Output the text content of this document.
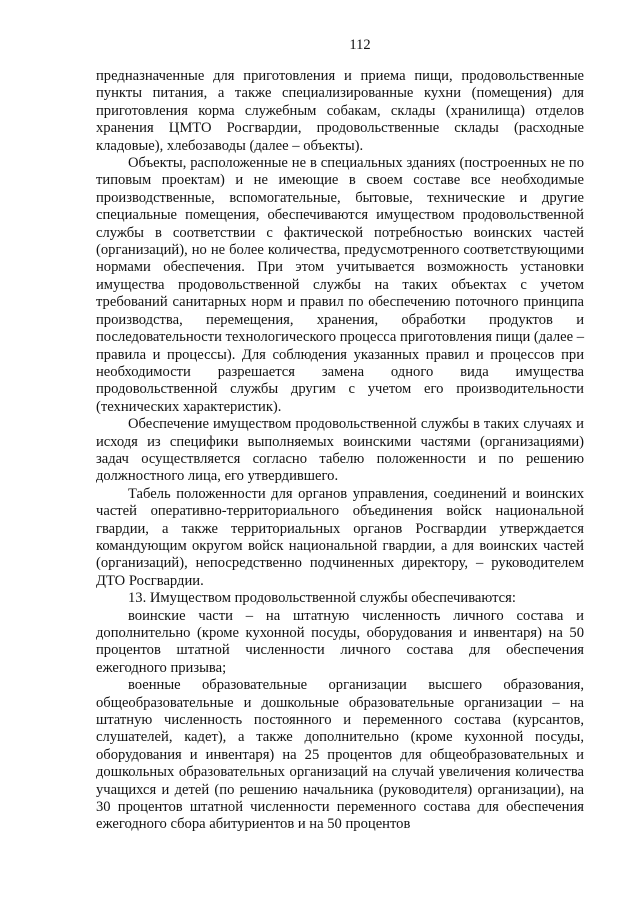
112

предназначенные для приготовления и приема пищи, продовольственные пункты питания, а также специализированные кухни (помещения) для приготовления корма служебным собакам, склады (хранилища) отделов хранения ЦМТО Росгвардии, продовольственные склады (расходные кладовые), хлебозаводы (далее – объекты).

Объекты, расположенные не в специальных зданиях (построенных не по типовым проектам) и не имеющие в своем составе все необходимые производственные, вспомогательные, бытовые, технические и другие специальные помещения, обеспечиваются имуществом продовольственной службы в соответствии с фактической потребностью воинских частей (организаций), но не более количества, предусмотренного соответствующими нормами обеспечения. При этом учитывается возможность установки имущества продовольственной службы на таких объектах с учетом требований санитарных норм и правил по обеспечению поточного принципа производства, перемещения, хранения, обработки продуктов и последовательности технологического процесса приготовления пищи (далее – правила и процессы). Для соблюдения указанных правил и процессов при необходимости разрешается замена одного вида имущества продовольственной службы другим с учетом его производительности (технических характеристик).

Обеспечение имуществом продовольственной службы в таких случаях и исходя из специфики выполняемых воинскими частями (организациями) задач осуществляется согласно табелю положенности и по решению должностного лица, его утвердившего.

Табель положенности для органов управления, соединений и воинских частей оперативно-территориального объединения войск национальной гвардии, а также территориальных органов Росгвардии утверждается командующим округом войск национальной гвардии, а для воинских частей (организаций), непосредственно подчиненных директору, – руководителем ДТО Росгвардии.

13. Имуществом продовольственной службы обеспечиваются:

воинские части – на штатную численность личного состава и дополнительно (кроме кухонной посуды, оборудования и инвентаря) на 50 процентов штатной численности личного состава для обеспечения ежегодного призыва;

военные образовательные организации высшего образования, общеобразовательные и дошкольные образовательные организации – на штатную численность постоянного и переменного состава (курсантов, слушателей, кадет), а также дополнительно (кроме кухонной посуды, оборудования и инвентаря) на 25 процентов для общеобразовательных и дошкольных образовательных организаций на случай увеличения количества учащихся и детей (по решению начальника (руководителя) организации), на 30 процентов штатной численности переменного состава для обеспечения ежегодного сбора абитуриентов и на 50 процентов
